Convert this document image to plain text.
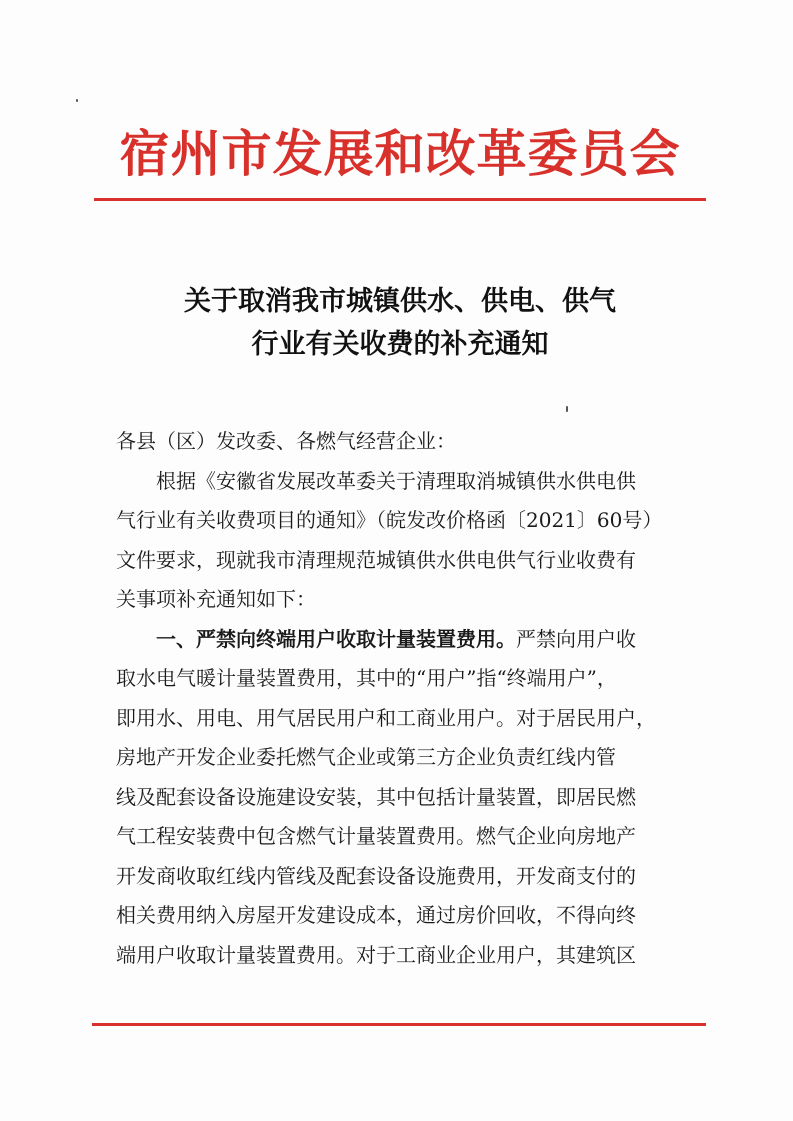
宿州市发展和改革委员会
关于取消我市城镇供水、供电、供气
行业有关收费的补充通知
各县（区）发改委、各燃气经营企业：
根据《安徽省发展改革委关于清理取消城镇供水供电供
气行业有关收费项目的通知》（皖发改价格函〔2021〕60号）
文件要求，现就我市清理规范城镇供水供电供气行业收费有
关事项补充通知如下：
一、严禁向终端用户收取计量装置费用。严禁向用户收
取水电气暖计量装置费用，其中的“用户”指“终端用户”，
即用水、用电、用气居民用户和工商业用户。对于居民用户，
房地产开发企业委托燃气企业或第三方企业负责红线内管
线及配套设备设施建设安装，其中包括计量装置，即居民燃
气工程安装费中包含燃气计量装置费用。燃气企业向房地产
开发商收取红线内管线及配套设备设施费用，开发商支付的
相关费用纳入房屋开发建设成本，通过房价回收，不得向终
端用户收取计量装置费用。对于工商业企业用户，其建筑区
